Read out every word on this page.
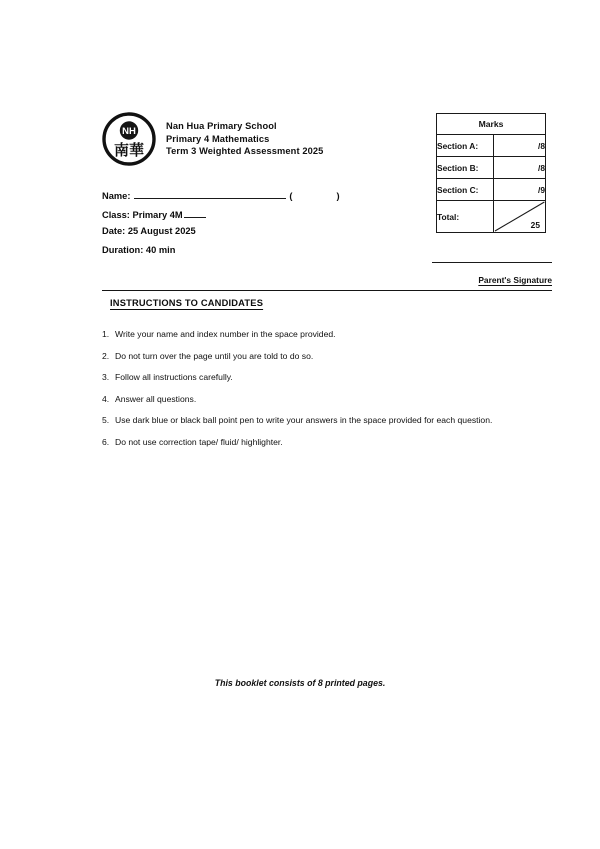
NH
南華
Nan Hua Primary School
Primary 4 Mathematics
Term 3 Weighted Assessment 2025
Name:	(	)
Class:
Primary 4M
Date:
25 August 2025
Duration:
40 min
Marks	
Section A:	/8
Section B:	/8
Section C:	/9
Total:	25
Parent's Signature
INSTRUCTIONS TO CANDIDATES
1. Write your name and index number in the space provided.
2. Do not turn over the page until you are told to do so.
3. Follow all instructions carefully.
4. Answer all questions.
5. Use dark blue or black ball point pen to write your answers in the space provided for each question.
6. Do not use correction tape/ fluid/ highlighter.
This booklet consists of 8 printed pages.
